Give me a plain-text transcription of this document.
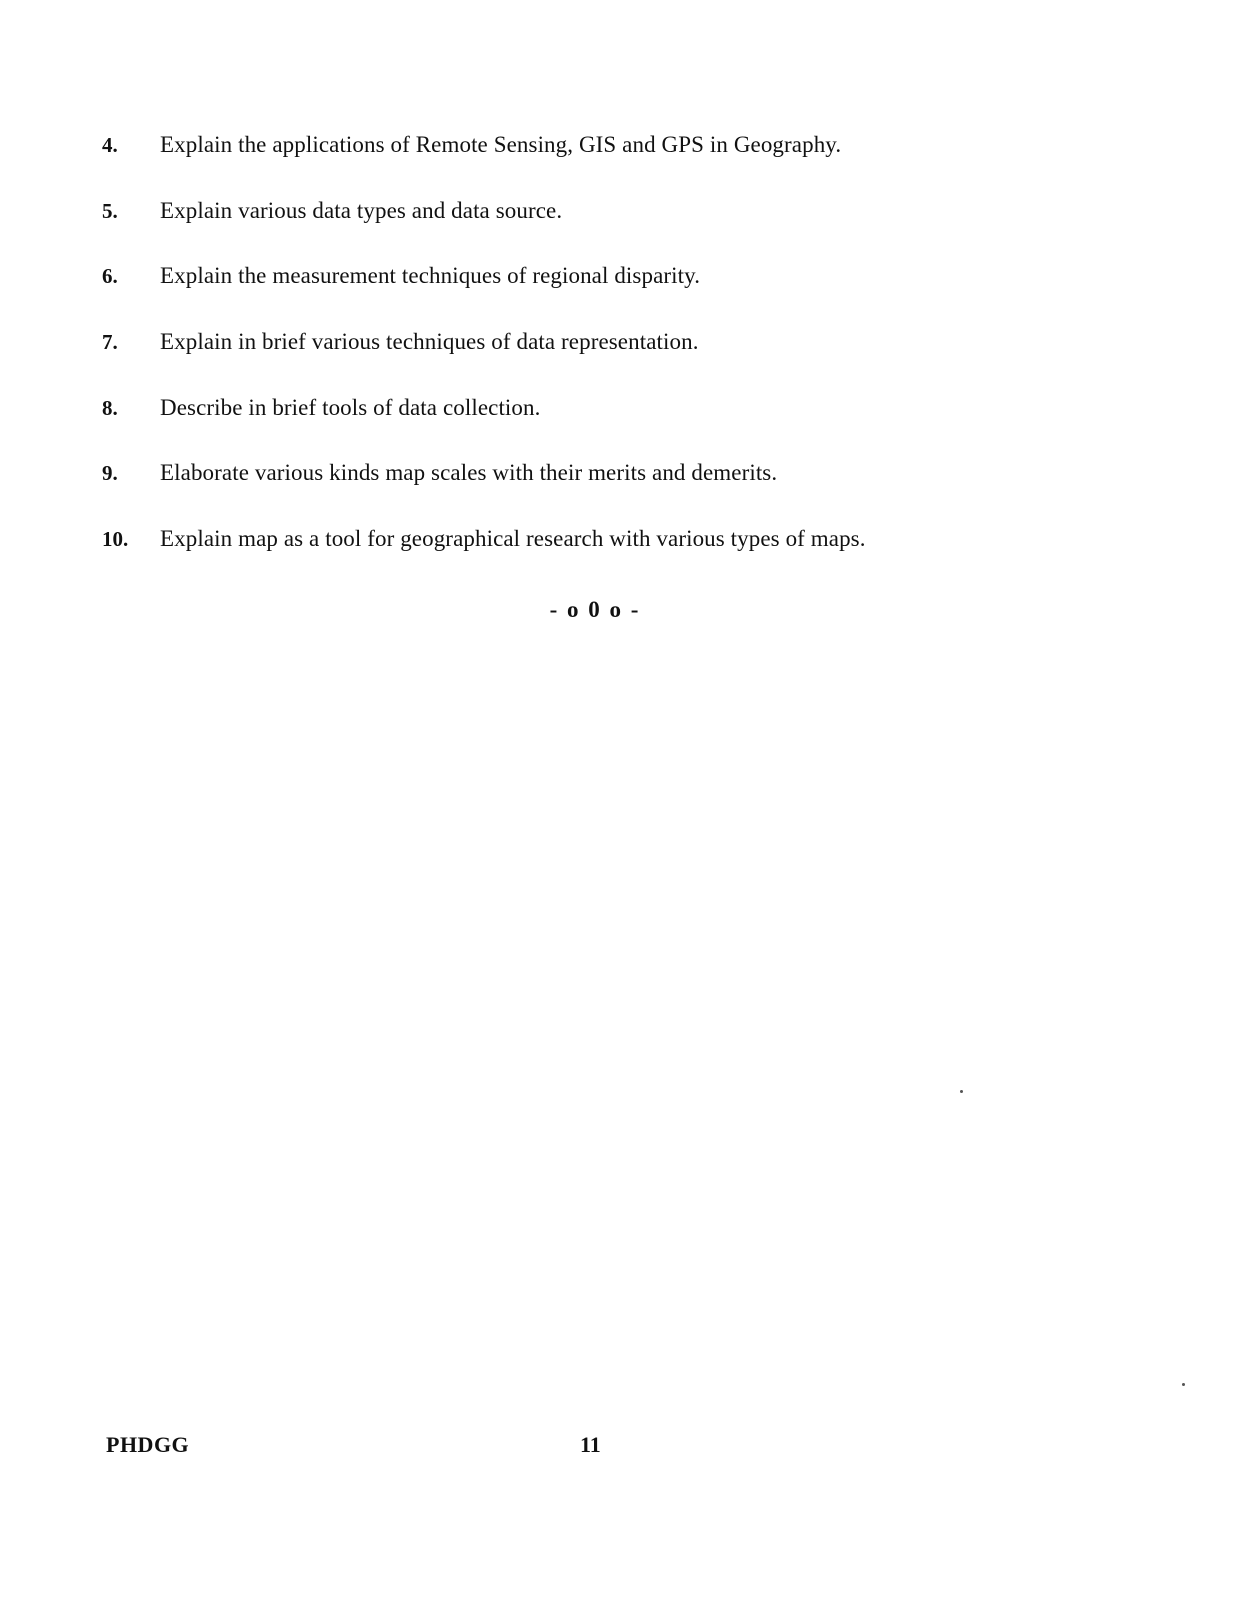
4.	Explain the applications of Remote Sensing, GIS and GPS in Geography.
5.	Explain various data types and data source.
6.	Explain the measurement techniques of regional disparity.
7.	Explain in brief various techniques of data representation.
8.	Describe in brief tools of data collection.
9.	Elaborate various kinds map scales with their merits and demerits.
10.	Explain map as a tool for geographical research with various types of maps.
- o 0 o -
PHDGG	11
